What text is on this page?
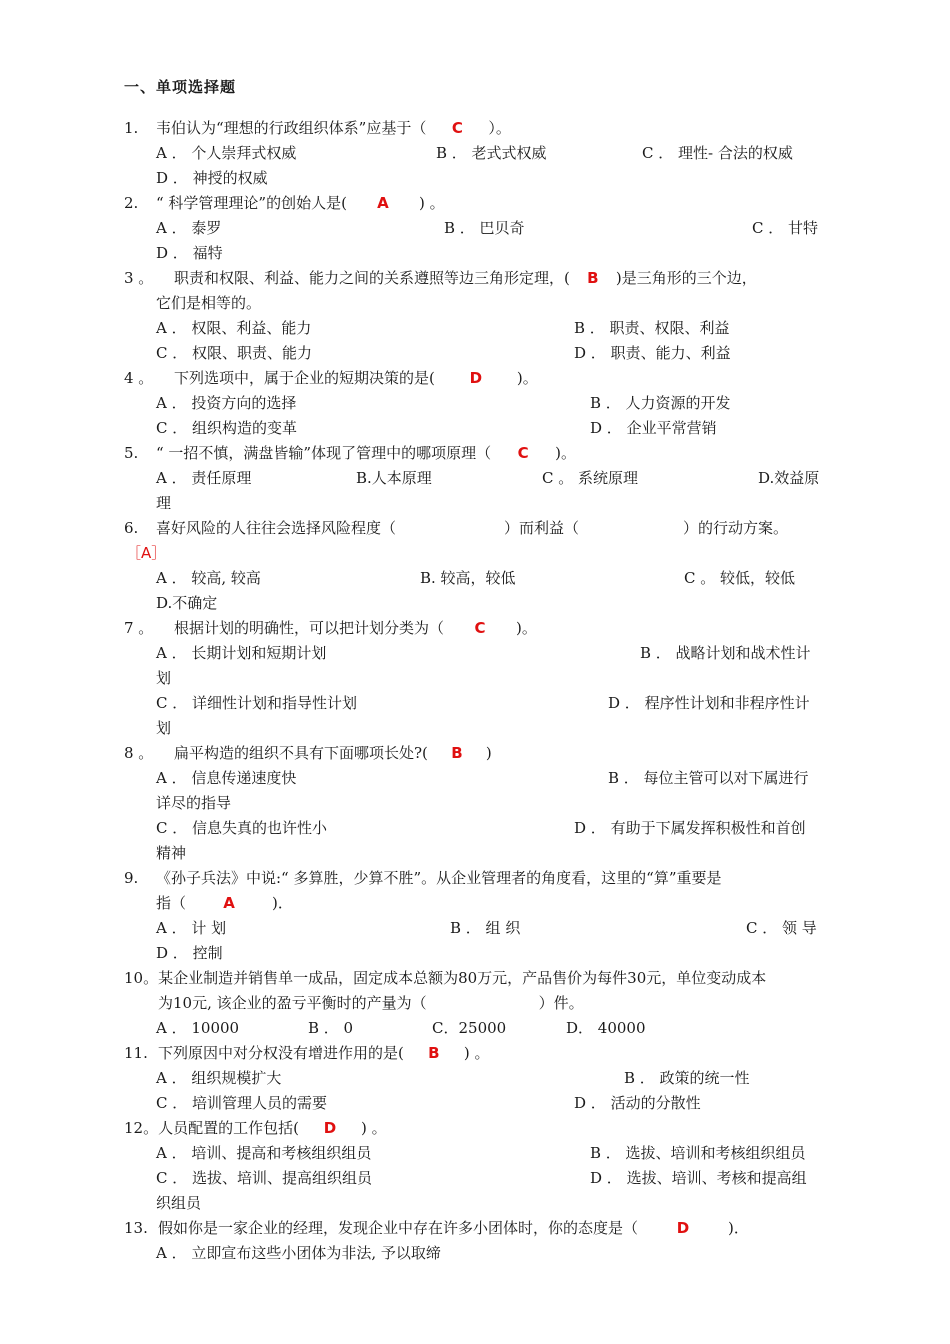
一、单项选择题
1. 韦伯认为“理想的行政组织体系”应基于（ C ）。
A ． 个人崇拜式权威	B ． 老式式权威	C ． 理性- 合法的权威
D ． 神授的权威
2. “ 科学管理理论”的创始人是( A ) 。
A ． 泰罗	B ． 巴贝奇	C ． 甘特
D ． 福特
3 。 职责和权限、利益、能力之间的关系遵照等边三角形定理，( B )是三角形的三个边，
它们是相等的。
A ． 权限、利益、能力	B ． 职责、权限、利益
C ． 权限、职责、能力	D ． 职责、能力、利益
4 。 下列选项中，属于企业的短期决策的是( D )。
A ． 投资方向的选择	B ． 人力资源的开发
C ． 组织构造的变革	D ． 企业平常营销
5. “ 一招不慎，满盘皆输”体现了管理中的哪项原理（ C )。
A ． 责任原理	B.人本原理	C 。 系统原理	D.效益原
理
6. 喜好风险的人往往会选择风险程度（	）而利益（	）的行动方案。
［A］
A ． 较高, 较高	B. 较高，较低	C 。 较低，较低
D.不确定
7 。 根据计划的明确性，可以把计划分类为（ C )。
A ． 长期计划和短期计划	B ． 战略计划和战术性计
划
C ． 详细性计划和指导性计划	D ． 程序性计划和非程序性计
划
8 。 扁平构造的组织不具有下面哪项长处?( B )
A ． 信息传递速度快	B ． 每位主管可以对下属进行
详尽的指导
C ． 信息失真的也许性小	D ． 有助于下属发挥积极性和首创
精神
9. 《孙子兵法》中说:“ 多算胜，少算不胜”。从企业管理者的角度看，这里的“算”重要是
指（ A )．
A ． 计 划	B ． 组 织	C ． 领 导
D ． 控制
10。某企业制造并销售单一成品，固定成本总额为80万元，产品售价为每件30元，单位变动成本
为10元, 该企业的盈亏平衡时的产量为（	）件。
A ． 10000	B ． 0	C．25000	D． 40000
11. 下列原因中对分权没有增进作用的是( B ) 。
A ． 组织规模扩大	B ． 政策的统一性
C ． 培训管理人员的需要	D ． 活动的分散性
12。人员配置的工作包括( D ) 。
A ． 培训、提高和考核组织组员	B ． 选拔、培训和考核组织组员
C ． 选拔、培训、提高组织组员	D ． 选拔、培训、考核和提高组
织组员
13. 假如你是一家企业的经理，发现企业中存在许多小团体时，你的态度是（	D	)．
A ． 立即宣布这些小团体为非法, 予以取缔
